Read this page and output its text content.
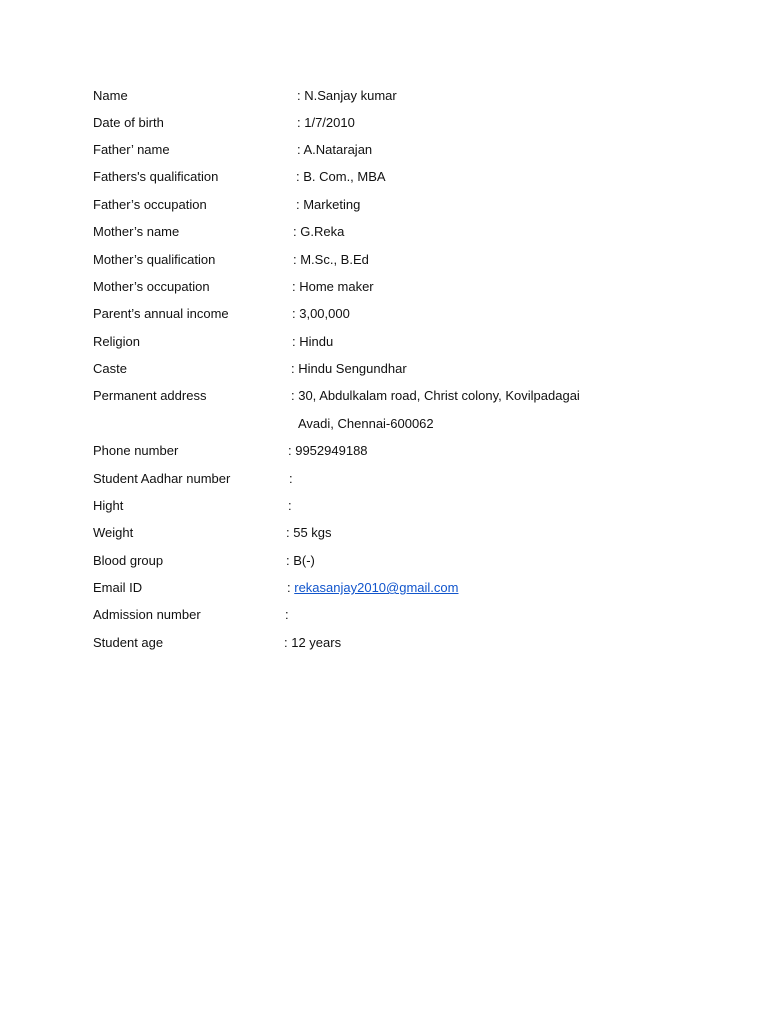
Name	: N.Sanjay kumar
Date of birth	: 1/7/2010
Father’ name	: A.Natarajan
Fathers's qualification	: B. Com., MBA
Father’s occupation	: Marketing
Mother’s name	: G.Reka
Mother’s qualification	: M.Sc., B.Ed
Mother’s occupation	: Home maker
Parent’s annual income	: 3,00,000
Religion	: Hindu
Caste	: Hindu Sengundhar
Permanent address	: 30, Abdulkalam road, Christ colony, Kovilpadagai
Avadi, Chennai-600062
Phone number	: 9952949188
Student Aadhar number	:
Hight	:
Weight	: 55 kgs
Blood group	: B(-)
Email ID	: rekasanjay2010@gmail.com
Admission number	:
Student age	: 12 years
